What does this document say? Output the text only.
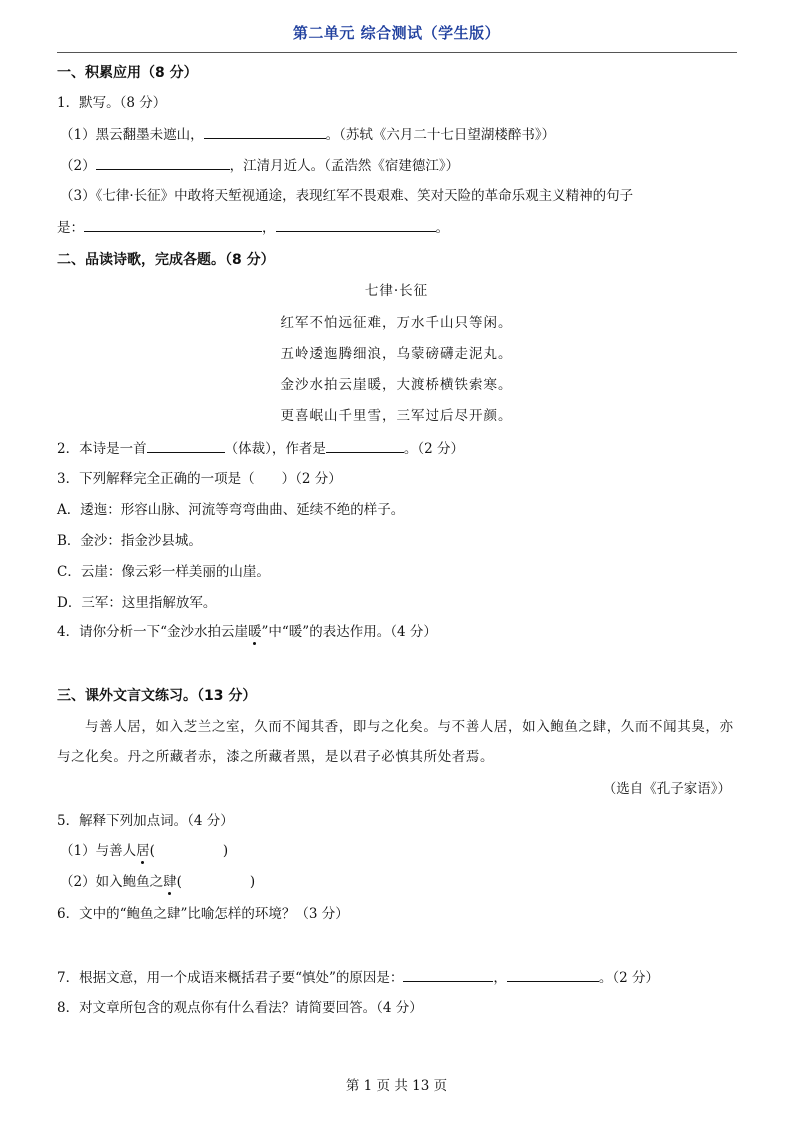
第二单元 综合测试（学生版）
一、积累应用（8 分）
1．默写。（8 分）
（1）黑云翻墨未遮山，	。（苏轼《六月二十七日望湖楼醉书》）
（2）	，江清月近人。（孟浩然《宿建德江》）
（3）《七律·长征》中敢将天堑视通途，表现红军不畏艰难、笑对天险的革命乐观主义精神的句子
是：	，	。
二、品读诗歌，完成各题。（8 分）
七律·长征
红军不怕远征难，万水千山只等闲。
五岭逶迤腾细浪，乌蒙磅礴走泥丸。
金沙水拍云崖暖，大渡桥横铁索寒。
更喜岷山千里雪，三军过后尽开颜。
2．本诗是一首	（体裁），作者是	。（2 分）
3．下列解释完全正确的一项是（　　）（2 分）
A．逶迤：形容山脉、河流等弯弯曲曲、延续不绝的样子。
B．金沙：指金沙县城。
C．云崖：像云彩一样美丽的山崖。
D．三军：这里指解放军。
4．请你分析一下“金沙水拍云崖暖”中“暖”的表达作用。（4 分）
三、课外文言文练习。（13 分）
与善人居，如入芝兰之室，久而不闻其香，即与之化矣。与不善人居，如入鲍鱼之肆，久而不闻其臭，亦与之化矣。丹之所藏者赤，漆之所藏者黑，是以君子必慎其所处者焉。
（选自《孔子家语》）
5．解释下列加点词。（4 分）
（1）与善人居(	)
（2）如入鲍鱼之肆(	)
6．文中的“鲍鱼之肆”比喻怎样的环境？（3 分）
7．根据文意，用一个成语来概括君子要“慎处”的原因是：	，	。（2 分）
8．对文章所包含的观点你有什么看法？请简要回答。（4 分）
第 1 页 共 13 页
